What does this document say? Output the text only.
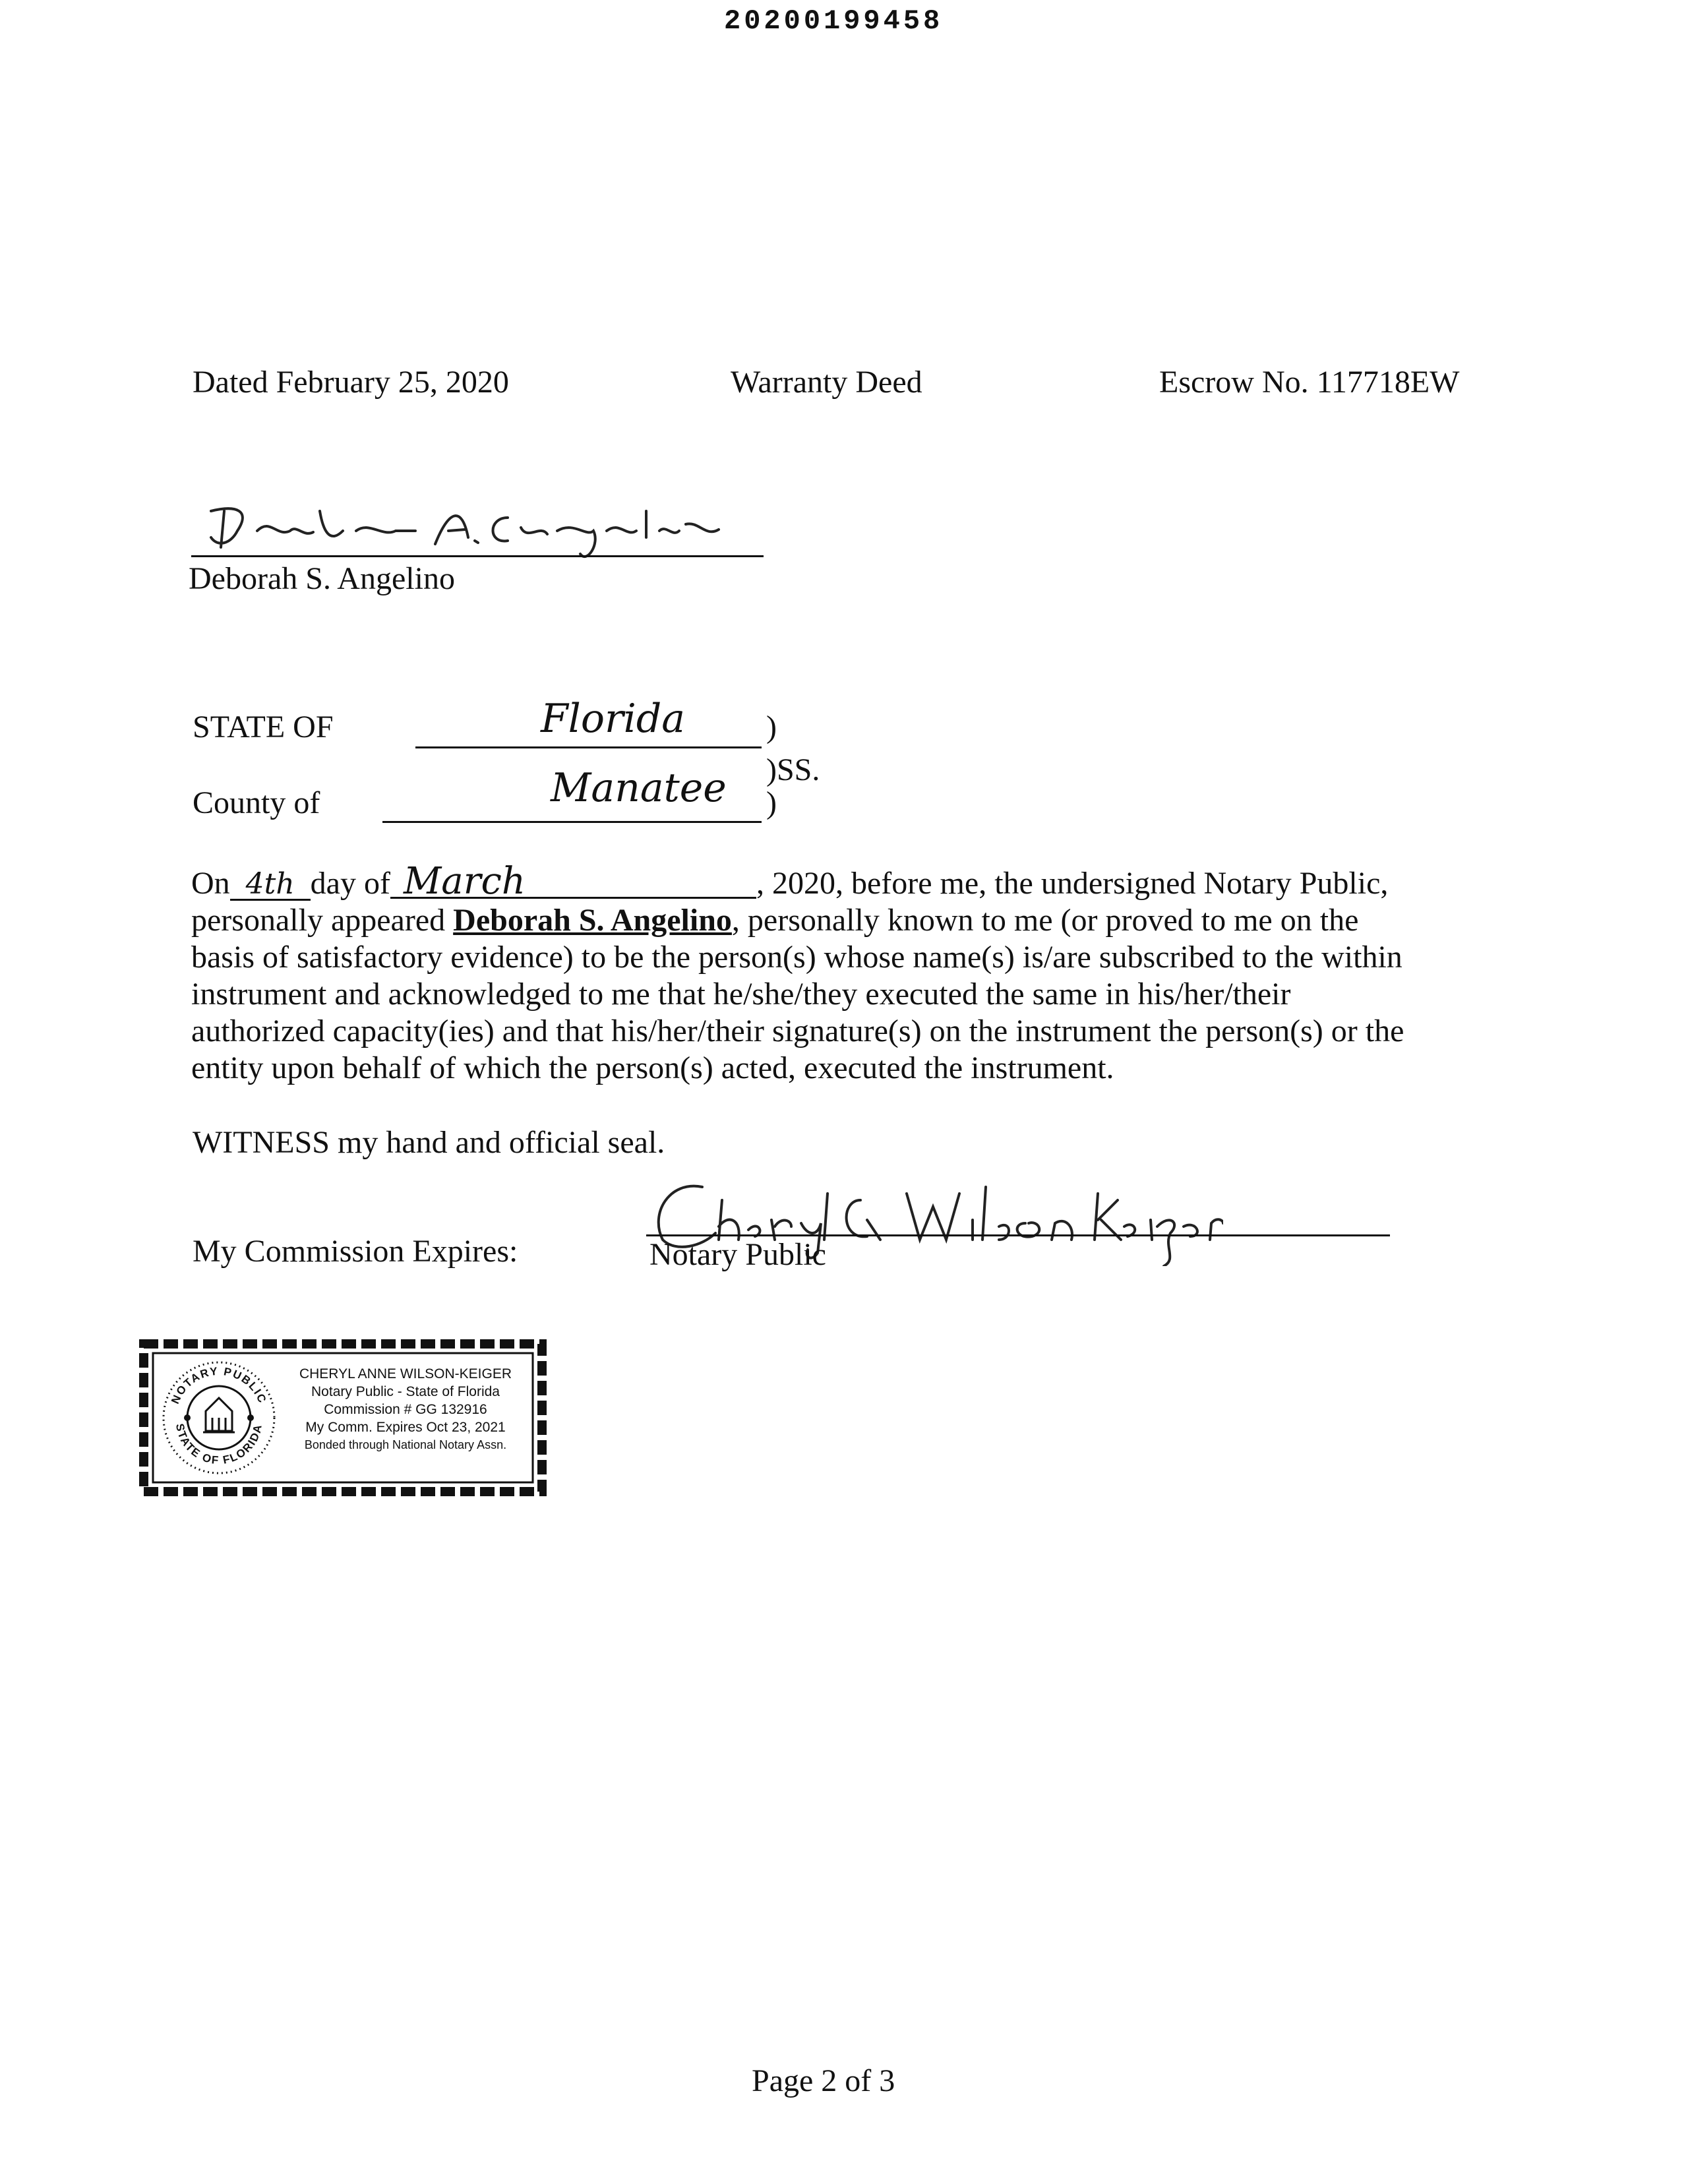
20200199458
Dated February 25, 2020	Warranty Deed	Escrow No. 117718EW
Deborah S. Angelino
STATE OF	Florida	)
)SS.
County of	Manatee )

On 4th day of March	, 2020, before me, the undersigned Notary Public,

personally appeared Deborah S. Angelino, personally known to me (or proved to me on the

basis of satisfactory evidence) to be the person(s) whose name(s) is/are subscribed to the within

instrument and acknowledged to me that he/she/they executed the same in his/her/their

authorized capacity(ies) and that his/her/their signature(s) on the instrument the person(s) or the

entity upon behalf of which the person(s) acted, executed the instrument.

WITNESS my hand and official seal.
My Commission Expires:	Notary Public
NOTARY PUBLIC
STATE OF FLORIDA
CHERYL ANNE WILSON-KEIGER
Notary Public - State of Florida
Commission # GG 132916
My Comm. Expires Oct 23, 2021
Bonded through National Notary Assn.
Page 2 of 3
